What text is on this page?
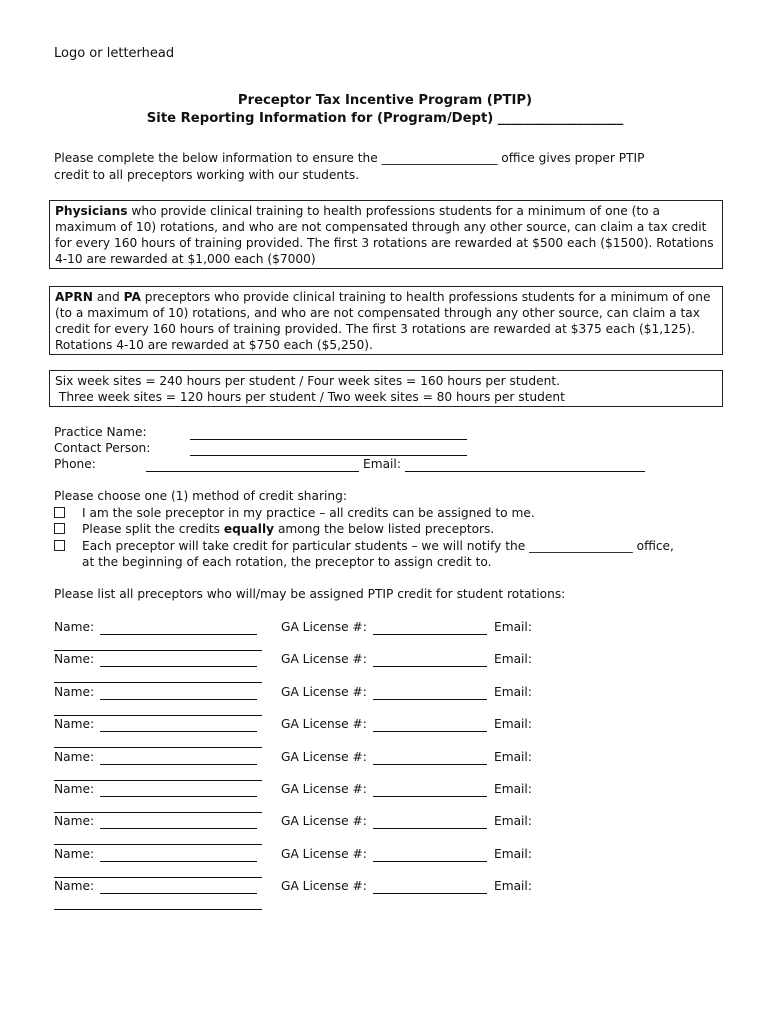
Logo or letterhead
Preceptor Tax Incentive Program (PTIP)
Site Reporting Information for (Program/Dept) ___________________
Please complete the below information to ensure the ___________________ office gives proper PTIP
credit to all preceptors working with our students.
Physicians who provide clinical training to health professions students for a minimum of one (to a maximum of 10) rotations, and who are not compensated through any other source, can claim a tax credit for every 160 hours of training provided. The first 3 rotations are rewarded at $500 each ($1500). Rotations 4-10 are rewarded at $1,000 each ($7000)
APRN and PA preceptors who provide clinical training to health professions students for a minimum of one (to a maximum of 10) rotations, and who are not compensated through any other source, can claim a tax credit for every 160 hours of training provided. The first 3 rotations are rewarded at $375 each ($1,125). Rotations 4-10 are rewarded at $750 each ($5,250).
Six week sites = 240 hours per student / Four week sites = 160 hours per student.
Three week sites = 120 hours per student / Two week sites = 80 hours per student
Practice Name:
Contact Person:
Phone:	Email:
Please choose one (1) method of credit sharing:
I am the sole preceptor in my practice – all credits can be assigned to me.
Please split the credits equally among the below listed preceptors.
Each preceptor will take credit for particular students – we will notify the _________________ office,
at the beginning of each rotation, the preceptor to assign credit to.
Please list all preceptors who will/may be assigned PTIP credit for student rotations:
Name:	GA License #:	Email:
Name:	GA License #:	Email:
Name:	GA License #:	Email:
Name:	GA License #:	Email:
Name:	GA License #:	Email:
Name:	GA License #:	Email:
Name:	GA License #:	Email:
Name:	GA License #:	Email:
Name:	GA License #:	Email:
